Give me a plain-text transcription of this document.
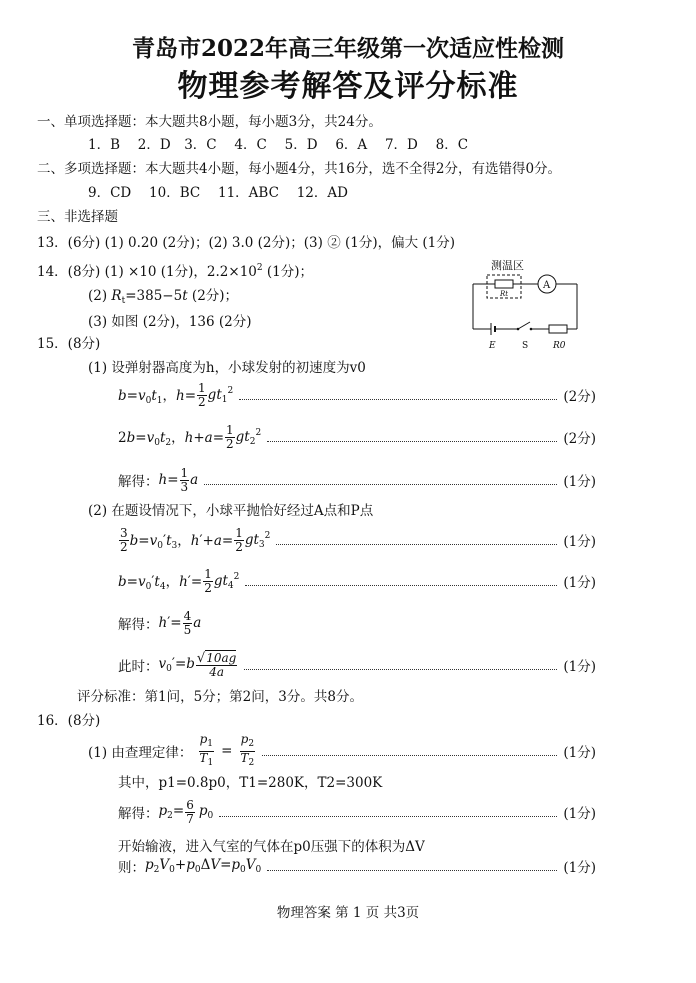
青岛市2022年高三年级第一次适应性检测
物理参考解答及评分标准
一、单项选择题：本大题共8小题，每小题3分，共24分。
1．B　 2．D　3．C　 4．C　 5．D　 6．A　 7．D　 8．C
二、多项选择题：本大题共4小题，每小题4分，共16分，选不全得2分，有选错得0分。
9．CD　 10．BC　 11．ABC　 12．AD
三、非选择题
13．(6分) (1) 0.20 (2分)；(2) 3.0 (2分)；(3) ② (1分)，偏大 (1分)
14．(8分) (1) ×10 (1分)，$2.2\times 10^2$ (1分)；
(2) $R_t=385-5t$ (2分)；
(3) 如图 (2分)，136 (2分)
测温区
Rt
A
E	S	R0
15．(8分)
(1) 设弹射器高度为h，小球发射的初速度为v0
$b=v_0t_1$，$h= \frac{1}{2} gt_1^2$	(2分)
$2b=v_0t_2$，$h+a= \frac{1}{2} gt_2^2$	(2分)
解得： $h= \frac{1}{3}$ a	(1分)
(2) 在题设情况下，小球平抛恰好经过A点和P点
$\frac{3}{2} b=v_0't_3$，$h'+a= \frac{1}{2} gt_3^2$	(1分)
$b=v_0't_4$，$h'= \frac{1}{2} gt_4^2$	(1分)
解得： $h'= \frac{4}{5}$ a
此时： $v_0'=b \frac{√10ag}{4a}$	(1分)
评分标准：第1问，5分；第2问，3分。共8分。
16．(8分)
(1) 由查理定律： $\frac{p_1}{T_1} = \frac{p_2}{T_2}$	(1分)
其中，p1=0.8p0，T1=280K，T2=300K
解得： $p_2= \frac{6}{7} p_0$	(1分)
开始输液，进入气室的气体在p0压强下的体积为ΔV
则： $p_2V_0+p_0\Delta V=p_0V_0$	(1分)
物理答案 第 1 页 共3页
